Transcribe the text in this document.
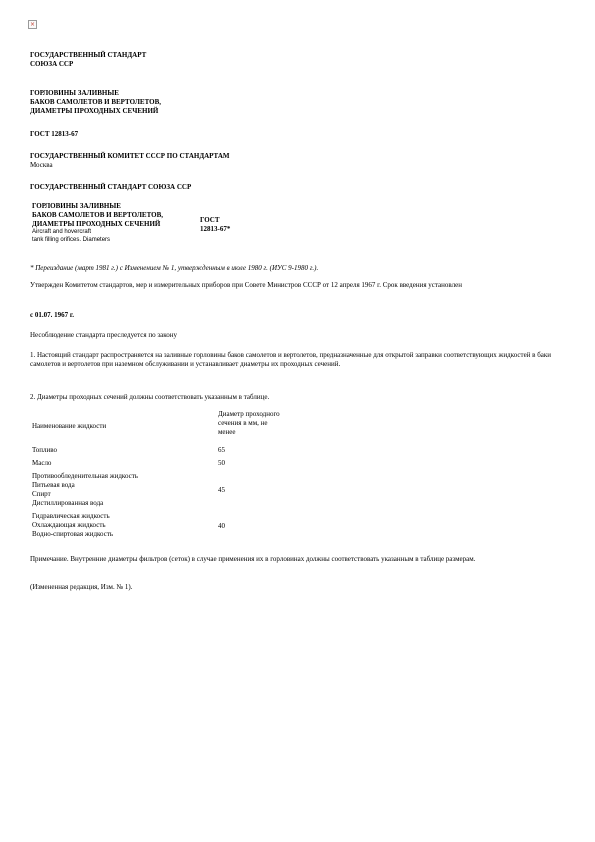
×
ГОСУДАРСТВЕННЫЙ СТАНДАРТ
СОЮЗА ССР
ГОРЛОВИНЫ ЗАЛИВНЫЕ
БАКОВ САМОЛЕТОВ И ВЕРТОЛЕТОВ,
ДИАМЕТРЫ ПРОХОДНЫХ СЕЧЕНИЙ
ГОСТ 12813-67
ГОСУДАРСТВЕННЫЙ КОМИТЕТ СССР ПО СТАНДАРТАМ
Москва
ГОСУДАРСТВЕННЫЙ СТАНДАРТ СОЮЗА ССР
ГОРЛОВИНЫ ЗАЛИВНЫЕ
БАКОВ САМОЛЕТОВ И ВЕРТОЛЕТОВ,
ДИАМЕТРЫ ПРОХОДНЫХ СЕЧЕНИЙ
Aircraft and hovercraft
tank filling orifices. Diameters
ГОСТ
12813-67*
* Переиздание (март 1981 г.) с Изменением № 1, утвержденным в июле 1980 г. (ИУС 9-1980 г.).
Утвержден Комитетом стандартов, мер и измерительных приборов при Совете Министров СССР от 12 апреля 1967 г. Срок введения установлен
с 01.07. 1967 г.
Несоблюдение стандарта преследуется по закону
1. Настоящий стандарт распространяется на заливные горловины баков самолетов и вертолетов, предназначенные для открытой заправки соответствующих жидкостей в баки самолетов и вертолетов при наземном обслуживании и устанавливает диаметры их проходных сечений.
2. Диаметры проходных сечений должны соответствовать указанным в таблице.
Наименование жидкости
Диаметр проходного
сечения в мм, не
менее
Топливо	65
Масло	50
Противообледенительная жидкость
Питьевая вода
Спирт
Дистиллированная вода
45
Гидравлическая жидкость
Охлаждающая жидкость
Водно-спиртовая жидкость
40
Примечание. Внутренние диаметры фильтров (сеток) в случае применения их в горловинах должны соответствовать указанным в таблице размерам.
(Измененная редакция, Изм. № 1).
